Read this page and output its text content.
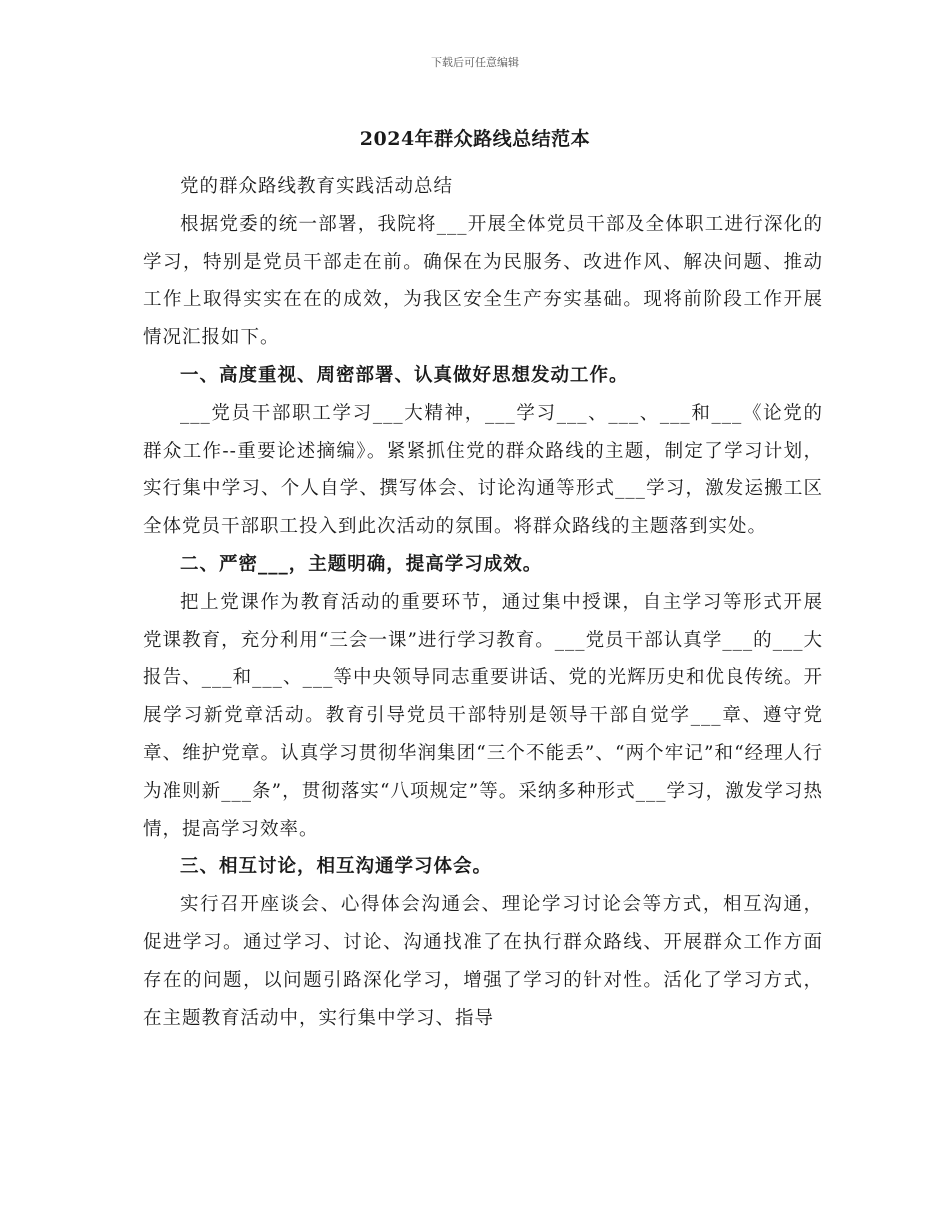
下载后可任意编辑
2024年群众路线总结范本

党的群众路线教育实践活动总结

根据党委的统一部署，我院将___开展全体党员干部及全体职工进行深化的学习，特别是党员干部走在前。确保在为民服务、改进作风、解决问题、推动工作上取得实实在在的成效，为我区安全生产夯实基础。现将前阶段工作开展情况汇报如下。

一、高度重视、周密部署、认真做好思想发动工作。

___党员干部职工学习___大精神，___学习___、___、___和___《论党的群众工作--重要论述摘编》。紧紧抓住党的群众路线的主题，制定了学习计划，实行集中学习、个人自学、撰写体会、讨论沟通等形式___学习，激发运搬工区全体党员干部职工投入到此次活动的氛围。将群众路线的主题落到实处。

二、严密___，主题明确，提高学习成效。

把上党课作为教育活动的重要环节，通过集中授课，自主学习等形式开展党课教育，充分利用“三会一课”进行学习教育。___党员干部认真学___的___大报告、___和___、___等中央领导同志重要讲话、党的光辉历史和优良传统。开展学习新党章活动。教育引导党员干部特别是领导干部自觉学___章、遵守党章、维护党章。认真学习贯彻华润集团“三个不能丢”、“两个牢记”和“经理人行为准则新___条”，贯彻落实“八项规定”等。采纳多种形式___学习，激发学习热情，提高学习效率。

三、相互讨论，相互沟通学习体会。

实行召开座谈会、心得体会沟通会、理论学习讨论会等方式，相互沟通，促进学习。通过学习、讨论、沟通找准了在执行群众路线、开展群众工作方面存在的问题，以问题引路深化学习，增强了学习的针对性。活化了学习方式，在主题教育活动中，实行集中学习、指导
